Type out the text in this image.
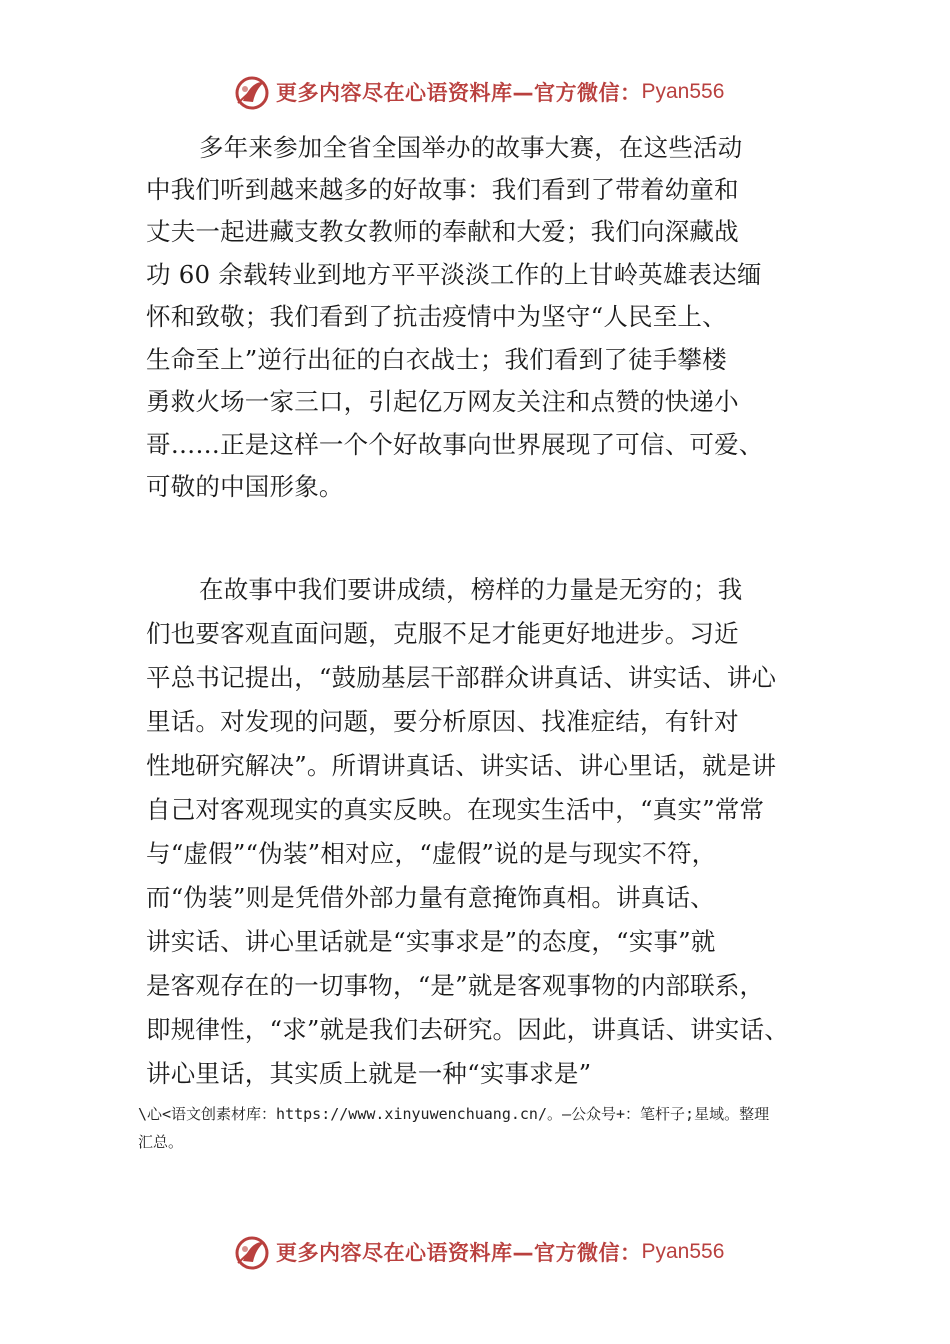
更多内容尽在心语资料库—官方微信： Pyan556
多年来参加全省全国举办的故事大赛，在这些活动
中我们听到越来越多的好故事：我们看到了带着幼童和
丈夫一起进藏支教女教师的奉献和大爱；我们向深藏战
功 60 余载转业到地方平平淡淡工作的上甘岭英雄表达缅
怀和致敬；我们看到了抗击疫情中为坚守“人民至上、
生命至上”逆行出征的白衣战士；我们看到了徒手攀楼
勇救火场一家三口，引起亿万网友关注和点赞的快递小
哥……正是这样一个个好故事向世界展现了可信、可爱、
可敬的中国形象。
在故事中我们要讲成绩，榜样的力量是无穷的；我
们也要客观直面问题，克服不足才能更好地进步。习近
平总书记提出，“鼓励基层干部群众讲真话、讲实话、讲心
里话。对发现的问题，要分析原因、找准症结，有针对
性地研究解决”。所谓讲真话、讲实话、讲心里话，就是讲
自己对客观现实的真实反映。在现实生活中，“真实”常常
与“虚假”“伪装”相对应，“虚假”说的是与现实不符，
而“伪装”则是凭借外部力量有意掩饰真相。讲真话、
讲实话、讲心里话就是“实事求是”的态度，“实事”就
是客观存在的一切事物，“是”就是客观事物的内部联系，
即规律性，“求”就是我们去研究。因此，讲真话、讲实话、
讲心里话，其实质上就是一种“实事求是”
\心<语文创素材库：https://www.xinyuwenchuang.cn/。—公众号+：笔杆子;星域。整理
汇总。
更多内容尽在心语资料库—官方微信： Pyan556
